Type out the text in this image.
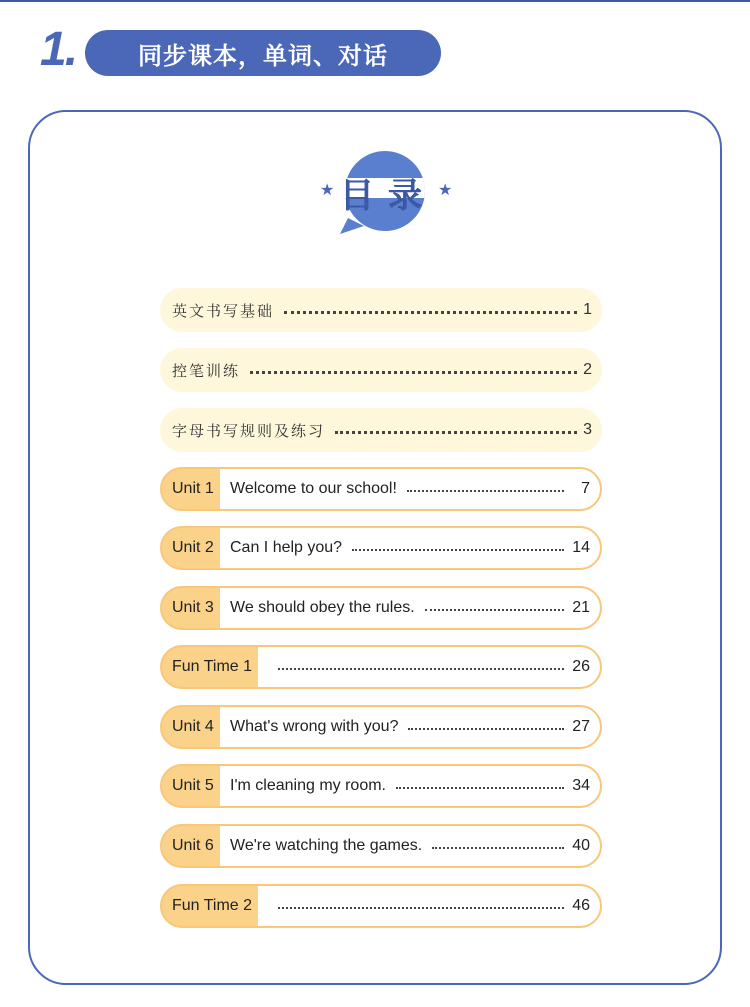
1.	同步课本，单词、对话
★	★
目录
英文书写基础	1
控笔训练	2
字母书写规则及练习	3
Unit 1	Welcome to our school!	7
Unit 2	Can I help you?	14
Unit 3	We should obey the rules.	21
Fun Time 1	26
Unit 4	What's wrong with you?	27
Unit 5	I'm cleaning my room.	34
Unit 6	We're watching the games.	40
Fun Time 2	46
